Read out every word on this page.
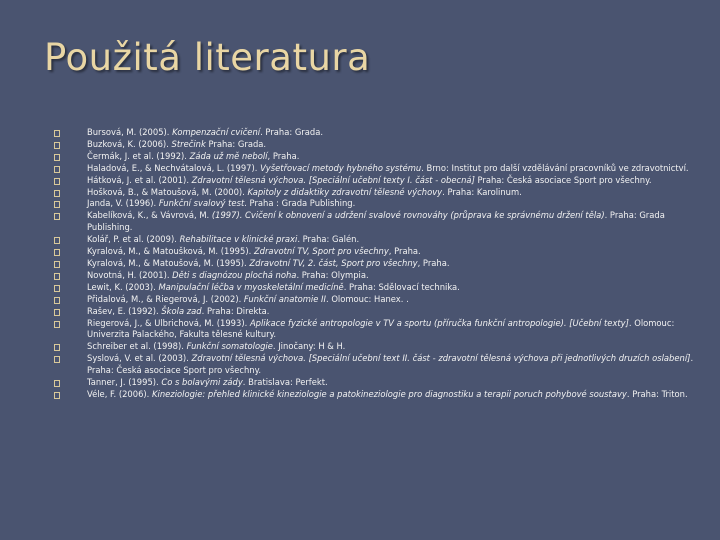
Použitá literatura
Bursová, M. (2005). Kompenzační cvičení. Praha: Grada.
Buzková, K. (2006). Strečink Praha: Grada.
Čermák, J. et al. (1992). Záda už mě nebolí, Praha.
Haladová, E., & Nechvátalová, L. (1997). Vyšetřovací metody hybného systému. Brno: Institut pro další vzdělávání pracovníků ve zdravotnictví.
Hátková, J. et al. (2001). Zdravotní tělesná výchova. [Speciální učební texty I. část - obecná] Praha: Česká asociace Sport pro všechny.
Hošková, B., & Matoušová, M. (2000). Kapitoly z didaktiky zdravotní tělesné výchovy. Praha: Karolinum.
Janda, V. (1996). Funkční svalový test. Praha : Grada Publishing.
Kabelíková, K., & Vávrová, M. (1997). Cvičení k obnovení a udržení svalové rovnováhy (průprava ke správnému držení těla). Praha: Grada Publishing.
Kolář, P. et al. (2009). Rehabilitace v klinické praxi. Praha: Galén.
Kyralová, M., & Matoušková, M. (1995). Zdravotní TV, Sport pro všechny, Praha.
Kyralová, M., & Matoušová, M. (1995). Zdravotní TV, 2. část, Sport pro všechny, Praha.
Novotná, H. (2001). Děti s diagnózou plochá noha. Praha: Olympia.
Lewit, K. (2003). Manipulační léčba v myoskeletální medicíně. Praha: Sdělovací technika.
Přidalová, M., & Riegerová, J. (2002). Funkční anatomie II. Olomouc: Hanex. .
Rašev, E. (1992). Škola zad. Praha: Direkta.
Riegerová, J., & Ulbrichová, M. (1993). Aplikace fyzické antropologie v TV a sportu (příručka funkční antropologie). [Učební texty]. Olomouc: Univerzita Palackého, Fakulta tělesné kultury.
Schreiber et al. (1998). Funkční somatologie. Jinočany: H & H.
Syslová, V. et al. (2003). Zdravotní tělesná výchova. [Speciální učební text II. část - zdravotní tělesná výchova při jednotlivých druzích oslabení]. Praha: Česká asociace Sport pro všechny.
Tanner, J. (1995). Co s bolavými zády. Bratislava: Perfekt.
Véle, F. (2006). Kineziologie: přehled klinické kineziologie a patokineziologie pro diagnostiku a terapii poruch pohybové soustavy. Praha: Triton.
